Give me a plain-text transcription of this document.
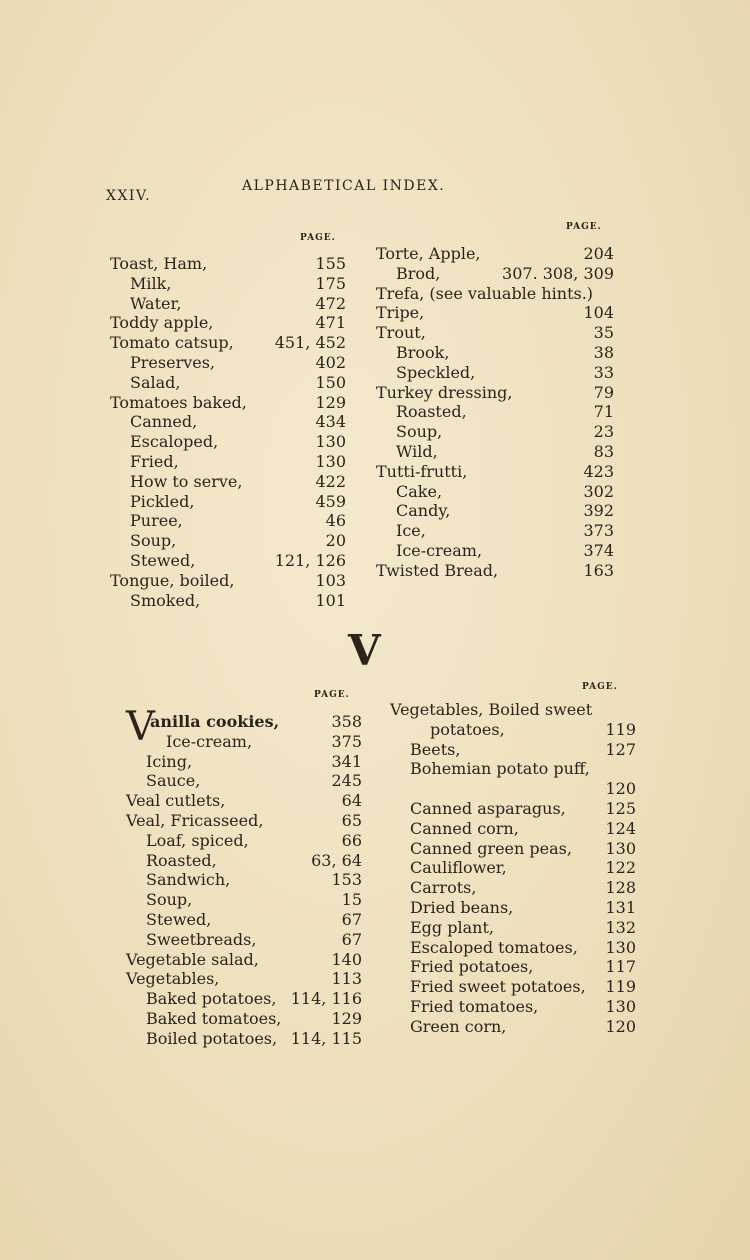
XXIV.
ALPHABETICAL INDEX.
PAGE.
PAGE.
Toast, Ham,	155
Milk,	175
Water,	472
Toddy apple,	471
Tomato catsup,	451, 452
Preserves,	402
Salad,	150
Tomatoes baked,	129
Canned,	434
Escaloped,	130
Fried,	130
How to serve,	422
Pickled,	459
Puree,	46
Soup,	20
Stewed,	121, 126
Tongue, boiled,	103
Smoked,	101
Torte, Apple,	204
Brod,	307. 308, 309
Trefa, (see valuable hints.)
Tripe,	104
Trout,	35
Brook,	38
Speckled,	33
Turkey dressing,	79
Roasted,	71
Soup,	23
Wild,	83
Tutti-frutti,	423
Cake,	302
Candy,	392
Ice,	373
Ice-cream,	374
Twisted Bread,	163
V
PAGE.
PAGE.
V
anilla cookies,	358
Ice-cream,	375
Icing,	341
Sauce,	245
Veal cutlets,	64
Veal, Fricasseed,	65
Loaf, spiced,	66
Roasted,	63, 64
Sandwich,	153
Soup,	15
Stewed,	67
Sweetbreads,	67
Vegetable salad,	140
Vegetables,	113
Baked potatoes, 114, 116
Baked tomatoes,	129
Boiled potatoes, 114, 115
Vegetables, Boiled sweet
potatoes,	119
Beets,	127
Bohemian potato puff,
120
Canned asparagus, 125
Canned corn,	124
Canned green peas, 130
Cauliflower,	122
Carrots,	128
Dried beans,	131
Egg plant,	132
Escaloped tomatoes, 130
Fried potatoes,	117
Fried sweet potatoes, 119
Fried tomatoes,	130
Green corn,	120
